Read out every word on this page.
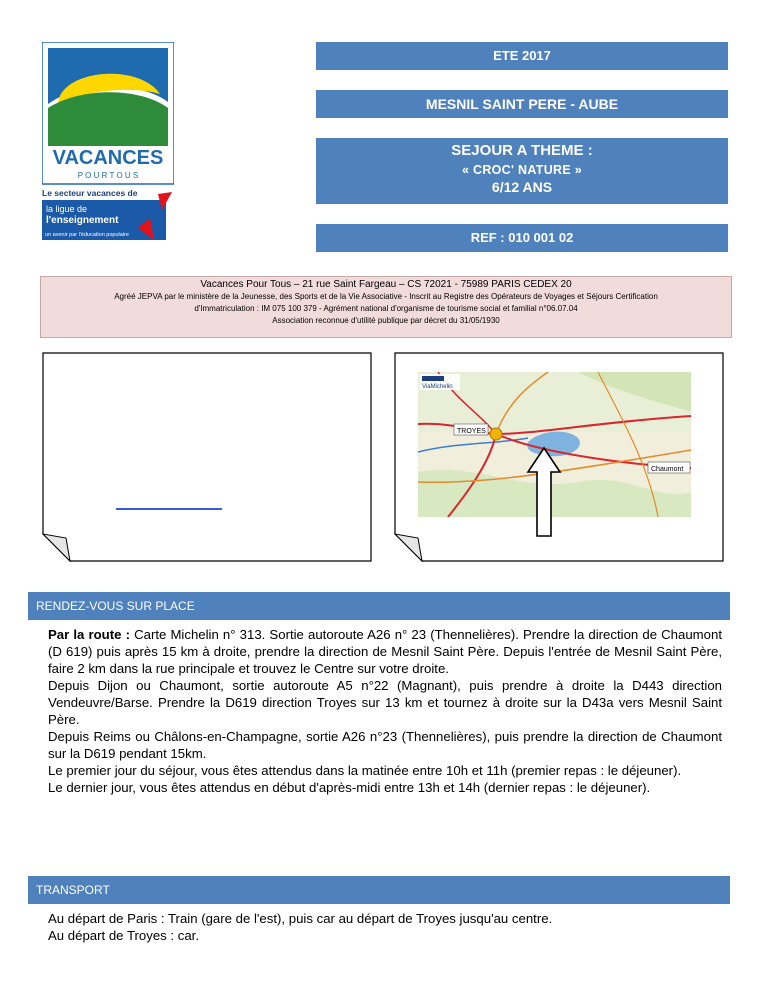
VACANCES
P O U R T O U S
Le secteur vacances de
la ligue de
l'enseignement
un avenir par l'éducation populaire
ETE 2017
MESNIL SAINT PERE - AUBE
SEJOUR A THEME :
« CROC' NATURE »
6/12 ANS
REF : 010 001 02
Vacances Pour Tous – 21 rue Saint Fargeau – CS 72021 - 75989 PARIS CEDEX 20
Agréé JEPVA par le ministère de la Jeunesse, des Sports et de la Vie Associative - Inscrit au Registre des Opérateurs de Voyages et Séjours Certification
d'Immatriculation : IM 075 100 379 - Agrément national d'organisme de tourisme social et familial n°06.07.04
Association reconnue d'utilité publique par décret du 31/05/1930
ViaMichelin
TROYES
Chaumont
RENDEZ-VOUS SUR PLACE

Par la route : Carte Michelin n° 313. Sortie autoroute A26 n° 23 (Thennelières). Prendre la direction de Chaumont (D 619) puis après 15 km à droite, prendre la direction de Mesnil Saint Père. Depuis l'entrée de Mesnil Saint Père, faire 2 km dans la rue principale et trouvez le Centre sur votre droite.

Depuis Dijon ou Chaumont, sortie autoroute A5 n°22 (Magnant), puis prendre à droite la D443 direction Vendeuvre/Barse. Prendre la D619 direction Troyes sur 13 km et tournez à droite sur la D43a vers Mesnil Saint Père.

Depuis Reims ou Châlons-en-Champagne, sortie A26 n°23 (Thennelières), puis prendre la direction de Chaumont sur la D619 pendant 15km.

Le premier jour du séjour, vous êtes attendus dans la matinée entre 10h et 11h (premier repas : le déjeuner).

Le dernier jour, vous êtes attendus en début d'après-midi entre 13h et 14h (dernier repas : le déjeuner).

TRANSPORT

Au départ de Paris : Train (gare de l'est), puis car au départ de Troyes jusqu'au centre.

Au départ de Troyes : car.
